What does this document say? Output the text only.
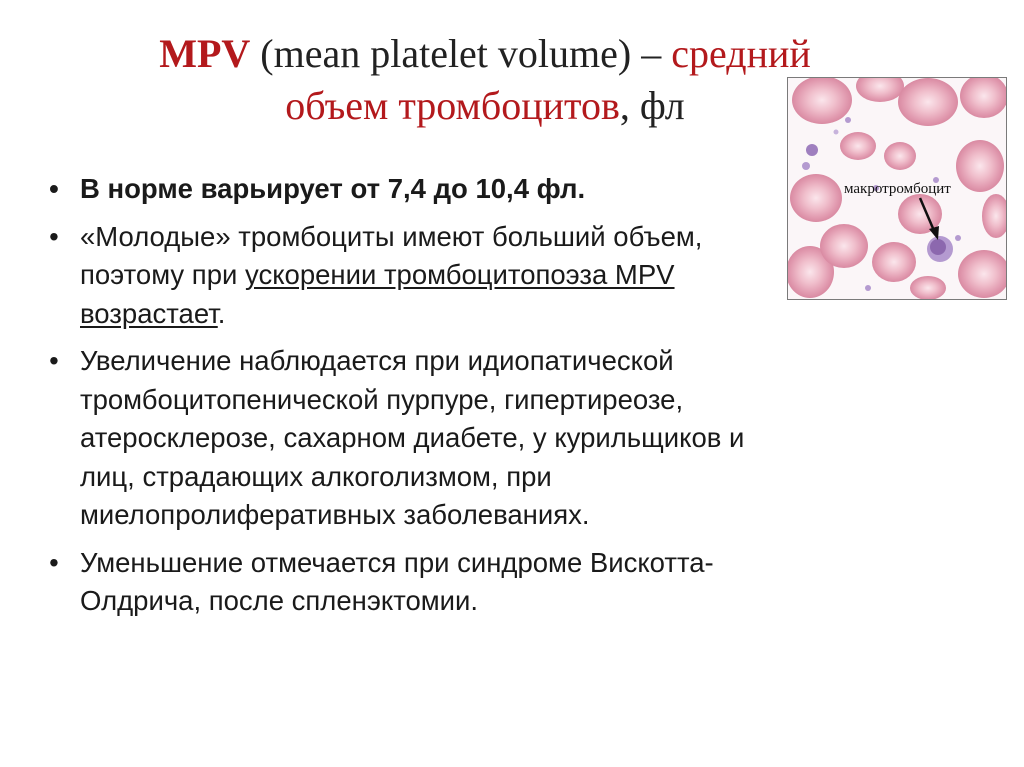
MPV (mean platelet volume) – средний
объем тромбоцитов, фл
• В норме варьирует от 7,4 до 10,4 фл.
• «Молодые» тромбоциты имеют больший объем, поэтому при ускорении тромбоцитопоэза MPV возрастает.
• Увеличение наблюдается при идиопатической тромбоцитопенической пурпуре, гипертиреозе, атеросклерозе, сахарном диабете, у курильщиков и лиц, страдающих алкоголизмом, при миелопролиферативных заболеваниях.
• Уменьшение отмечается при синдроме Вискотта-Олдрича, после спленэктомии.
макротромбоцит
